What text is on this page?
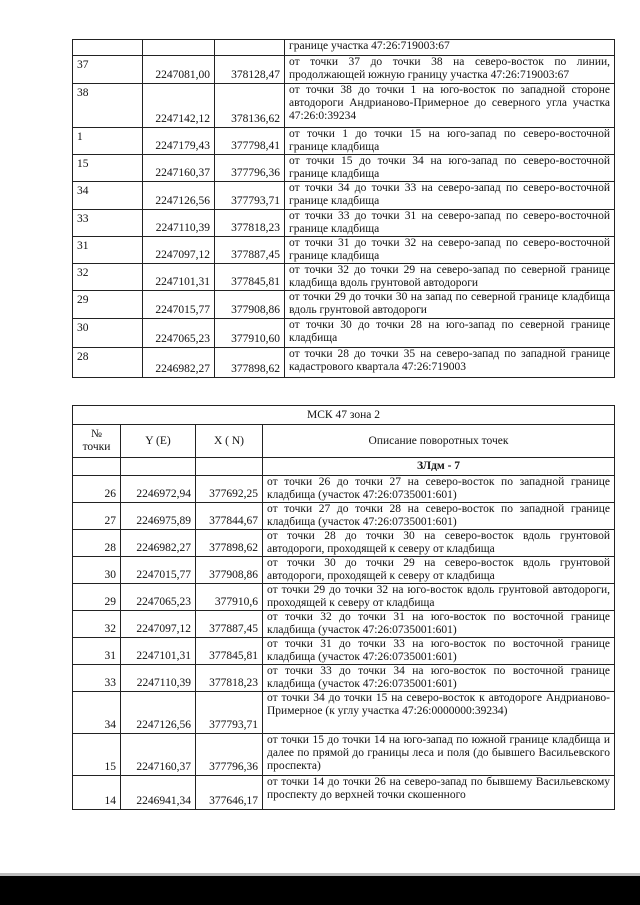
			границе участка 47:26:719003:67
37	2247081,00	378128,47	от точки 37 до точки 38 на северо-восток по линии, продолжающей южную границу участка 47:26:719003:67
38	2247142,12	378136,62	от точки 38 до точки 1 на юго-восток по западной стороне автодороги Андрианово-Примерное до северного угла участка 47:26:0:39234
1	2247179,43	377798,41	от точки 1 до точки 15 на юго-запад по северо-восточной границе кладбища
15	2247160,37	377796,36	от точки 15 до точки 34 на юго-запад по северо-восточной границе кладбища
34	2247126,56	377793,71	от точки 34 до точки 33 на северо-запад по северо-восточной границе кладбища
33	2247110,39	377818,23	от точки 33 до точки 31 на северо-запад по северо-восточной границе кладбища
31	2247097,12	377887,45	от точки 31 до точки 32 на северо-запад по северо-восточной границе кладбища
32	2247101,31	377845,81	от точки 32 до точки 29 на северо-запад по северной границе кладбища вдоль грунтовой автодороги
29	2247015,77	377908,86	от точки 29 до точки 30 на запад по северной границе кладбища вдоль грунтовой автодороги
30	2247065,23	377910,60	от точки 30 до точки 28 на юго-запад по северной границе кладбища
28	2246982,27	377898,62	от точки 28 до точки 35 на северо-запад по западной границе кадастрового квартала 47:26:719003
МСК 47 зона 2			
№ точки	Y (E)	X ( N)	Описание поворотных точек
			ЗЛдм - 7
26	2246972,94	377692,25	от точки 26 до точки 27 на северо-восток по западной границе кладбища (участок 47:26:0735001:601)
27	2246975,89	377844,67	от точки 27 до точки 28 на северо-восток по западной границе кладбища (участок 47:26:0735001:601)
28	2246982,27	377898,62	от точки 28 до точки 30 на северо-восток вдоль грунтовой автодороги, проходящей к северу от кладбища
30	2247015,77	377908,86	от точки 30 до точки 29 на северо-восток вдоль грунтовой автодороги, проходящей к северу от кладбища
29	2247065,23	377910,6	от точки 29 до точки 32 на юго-восток вдоль грунтовой автодороги, проходящей к северу от кладбища
32	2247097,12	377887,45	от точки 32 до точки 31 на юго-восток по восточной границе кладбища (участок 47:26:0735001:601)
31	2247101,31	377845,81	от точки 31 до точки 33 на юго-восток по восточной границе кладбища (участок 47:26:0735001:601)
33	2247110,39	377818,23	от точки 33 до точки 34 на юго-восток по восточной границе кладбища (участок 47:26:0735001:601)
34	2247126,56	377793,71	от точки 34 до точки 15 на северо-восток к автодороге Андрианово-Примерное (к углу участка 47:26:0000000:39234)
15	2247160,37	377796,36	от точки 15 до точки 14 на юго-запад по южной границе кладбища и далее по прямой до границы леса и поля (до бывшего Васильевского проспекта)
14	2246941,34	377646,17	от точки 14 до точки 26 на северо-запад по бывшему Васильевскому проспекту до верхней точки скошенного
